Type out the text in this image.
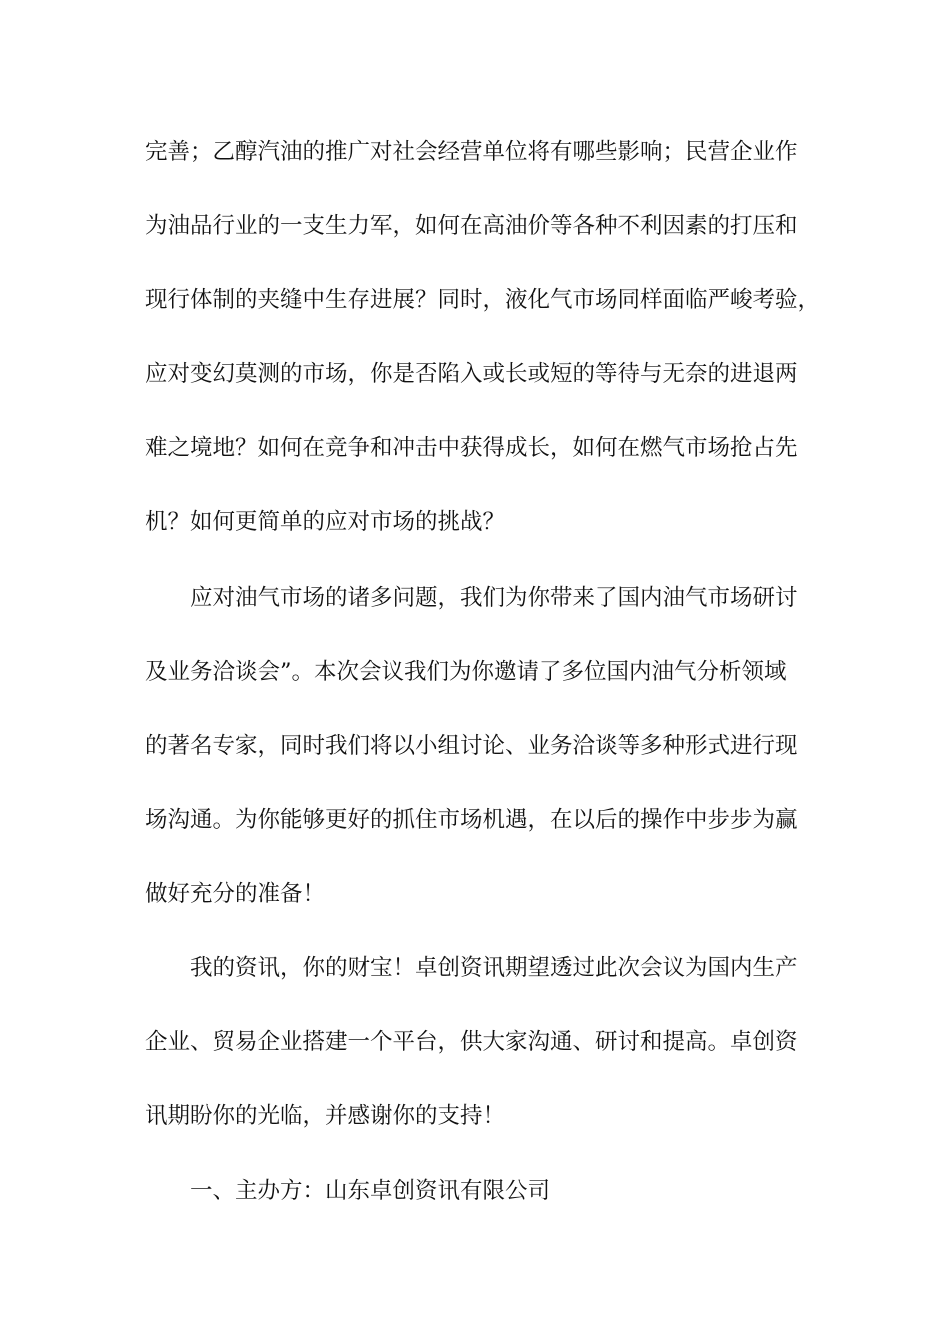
完善；乙醇汽油的推广对社会经营单位将有哪些影响；民营企业作
为油品行业的一支生力军，如何在高油价等各种不利因素的打压和
现行体制的夹缝中生存进展？同时，液化气市场同样面临严峻考验，
应对变幻莫测的市场，你是否陷入或长或短的等待与无奈的进退两
难之境地？如何在竞争和冲击中获得成长，如何在燃气市场抢占先
机？如何更简单的应对市场的挑战？
应对油气市场的诸多问题，我们为你带来了国内油气市场研讨
及业务洽谈会”。本次会议我们为你邀请了多位国内油气分析领域
的著名专家，同时我们将以小组讨论、业务洽谈等多种形式进行现
场沟通。为你能够更好的抓住市场机遇，在以后的操作中步步为赢
做好充分的准备！
我的资讯，你的财宝！卓创资讯期望透过此次会议为国内生产
企业、贸易企业搭建一个平台，供大家沟通、研讨和提高。卓创资
讯期盼你的光临，并感谢你的支持！
一、主办方：山东卓创资讯有限公司
